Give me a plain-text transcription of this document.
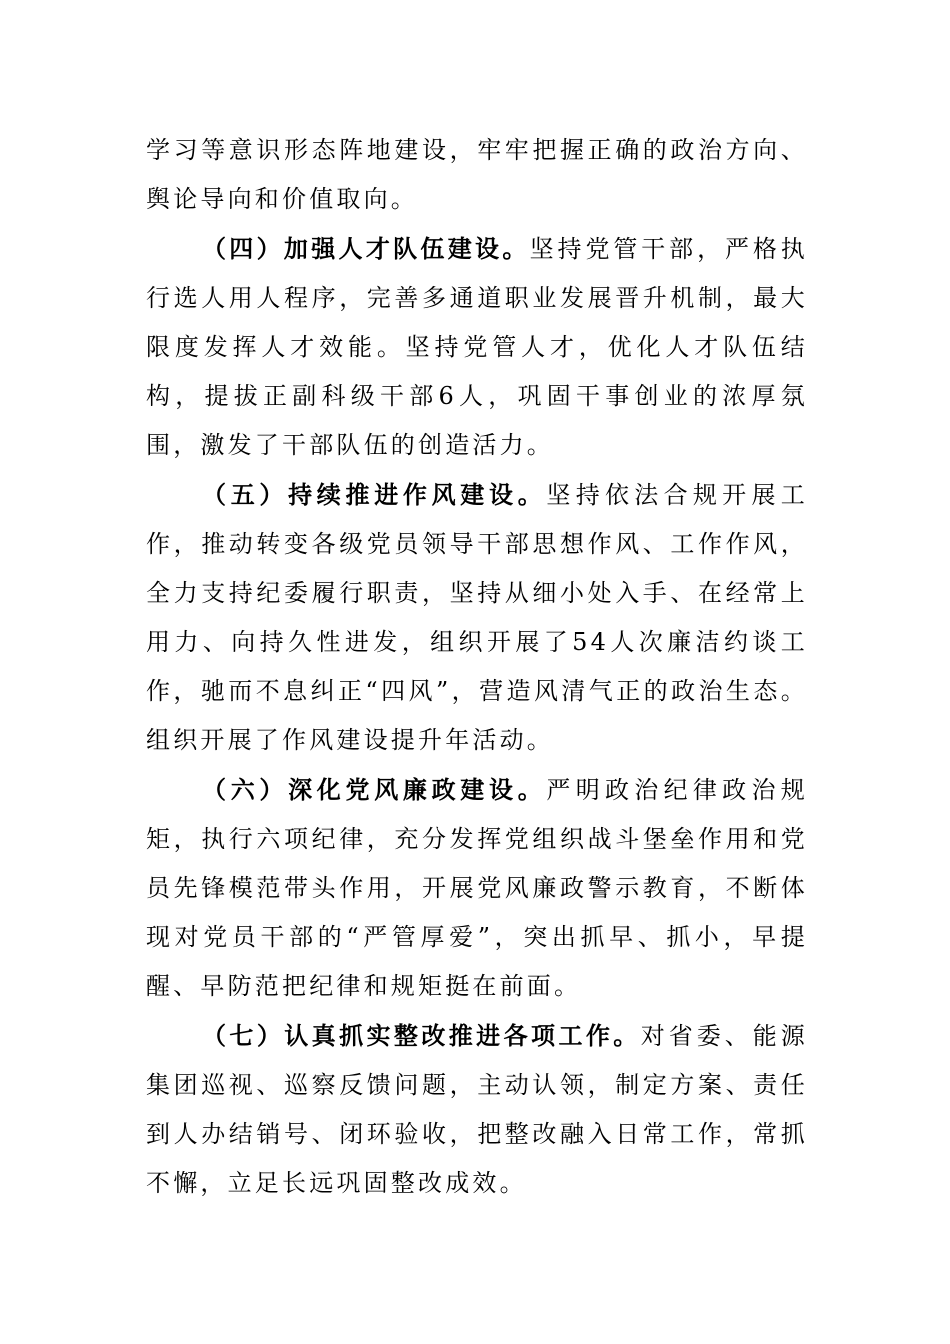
学习等意识形态阵地建设，牢牢把握正确的政治方向、舆论导向和价值取向。

（四）加强人才队伍建设。坚持党管干部，严格执行选人用人程序，完善多通道职业发展晋升机制，最大限度发挥人才效能。坚持党管人才，优化人才队伍结构，提拔正副科级干部6人，巩固干事创业的浓厚氛围，激发了干部队伍的创造活力。

（五）持续推进作风建设。坚持依法合规开展工作，推动转变各级党员领导干部思想作风、工作作风，全力支持纪委履行职责，坚持从细小处入手、在经常上用力、向持久性进发，组织开展了54人次廉洁约谈工作，驰而不息纠正“四风”，营造风清气正的政治生态。组织开展了作风建设提升年活动。

（六）深化党风廉政建设。严明政治纪律政治规矩，执行六项纪律，充分发挥党组织战斗堡垒作用和党员先锋模范带头作用，开展党风廉政警示教育，不断体现对党员干部的“严管厚爱”，突出抓早、抓小，早提醒、早防范把纪律和规矩挺在前面。

（七）认真抓实整改推进各项工作。对省委、能源集团巡视、巡察反馈问题，主动认领，制定方案、责任到人办结销号、闭环验收，把整改融入日常工作，常抓不懈，立足长远巩固整改成效。
